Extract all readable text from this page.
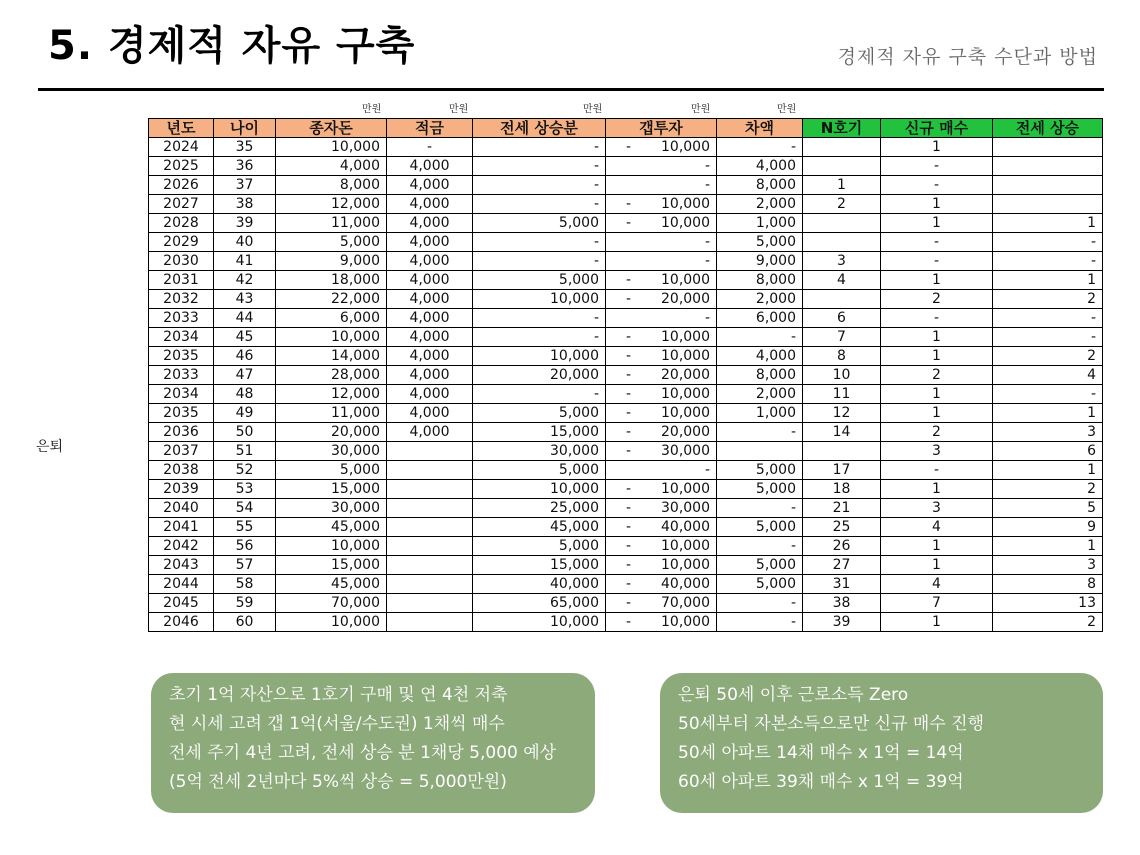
5. 경제적 자유 구축	경제적 자유 구축 수단과 방법
만원	만원	만원	만원	만원
은퇴
년도	나이	종자돈	적금	전세 상승분	갭투자	차액	N호기	신규 매수	전세 상승
2024	35	10,000	-	-	- 10,000	-		1	
2025	36	4,000	4,000	-	-	4,000		-	
2026	37	8,000	4,000	-	-	8,000	1	-	
2027	38	12,000	4,000	-	- 10,000	2,000	2	1	
2028	39	11,000	4,000	5,000	- 10,000	1,000		1	1
2029	40	5,000	4,000	-	-	5,000		-	-
2030	41	9,000	4,000	-	-	9,000	3	-	-
2031	42	18,000	4,000	5,000	- 10,000	8,000	4	1	1
2032	43	22,000	4,000	10,000	- 20,000	2,000		2	2
2033	44	6,000	4,000	-	-	6,000	6	-	-
2034	45	10,000	4,000	-	- 10,000	-	7	1	-
2035	46	14,000	4,000	10,000	- 10,000	4,000	8	1	2
2033	47	28,000	4,000	20,000	- 20,000	8,000	10	2	4
2034	48	12,000	4,000	-	- 10,000	2,000	11	1	-
2035	49	11,000	4,000	5,000	- 10,000	1,000	12	1	1
2036	50	20,000	4,000	15,000	- 20,000	-	14	2	3
2037	51	30,000		30,000	- 30,000			3	6
2038	52	5,000		5,000	-	5,000	17	-	1
2039	53	15,000		10,000	- 10,000	5,000	18	1	2
2040	54	30,000		25,000	- 30,000	-	21	3	5
2041	55	45,000		45,000	- 40,000	5,000	25	4	9
2042	56	10,000		5,000	- 10,000	-	26	1	1
2043	57	15,000		15,000	- 10,000	5,000	27	1	3
2044	58	45,000		40,000	- 40,000	5,000	31	4	8
2045	59	70,000		65,000	- 70,000	-	38	7	13
2046	60	10,000		10,000	- 10,000	-	39	1	2
초기 1억 자산으로 1호기 구매 및 연 4천 저축
현 시세 고려 갭 1억(서울/수도권) 1채씩 매수
전세 주기 4년 고려, 전세 상승 분 1채당 5,000 예상
(5억 전세 2년마다 5%씩 상승 = 5,000만원)
은퇴 50세 이후 근로소득 Zero
50세부터 자본소득으로만 신규 매수 진행
50세 아파트 14채 매수 x 1억 = 14억
60세 아파트 39채 매수 x 1억 = 39억
